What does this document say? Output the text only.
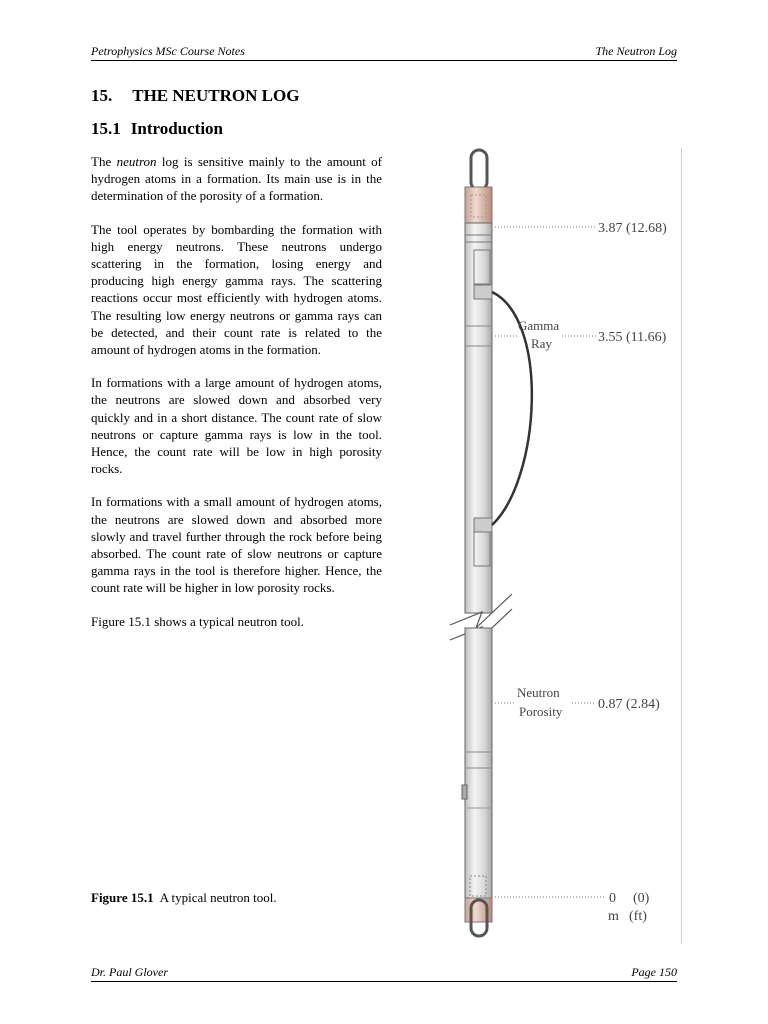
Petrophysics MSc Course Notes	The Neutron Log
15. THE NEUTRON LOG
15.1 Introduction

The neutron log is sensitive mainly to the amount of hydrogen atoms in a formation. Its main use is in the determination of the porosity of a formation.

The tool operates by bombarding the formation with high energy neutrons. These neutrons undergo scattering in the formation, losing energy and producing high energy gamma rays. The scattering reactions occur most efficiently with hydrogen atoms. The resulting low energy neutrons or gamma rays can be detected, and their count rate is related to the amount of hydrogen atoms in the formation.

In formations with a large amount of hydrogen atoms, the neutrons are slowed down and absorbed very quickly and in a short distance. The count rate of slow neutrons or capture gamma rays is low in the tool. Hence, the count rate will be low in high porosity rocks.

In formations with a small amount of hydrogen atoms, the neutrons are slowed down and absorbed more slowly and travel further through the rock before being absorbed. The count rate of slow neutrons or capture gamma rays in the tool is therefore higher. Hence, the count rate will be higher in low porosity rocks.

Figure 15.1 shows a typical neutron tool.

Figure 15.1 A typical neutron tool.
3.87 (12.68)
3.55 (11.66)
0.87 (2.84)
0 (0)
m (ft)
Gamma
Ray
Neutron
Porosity
Dr. Paul Glover	Page 150
